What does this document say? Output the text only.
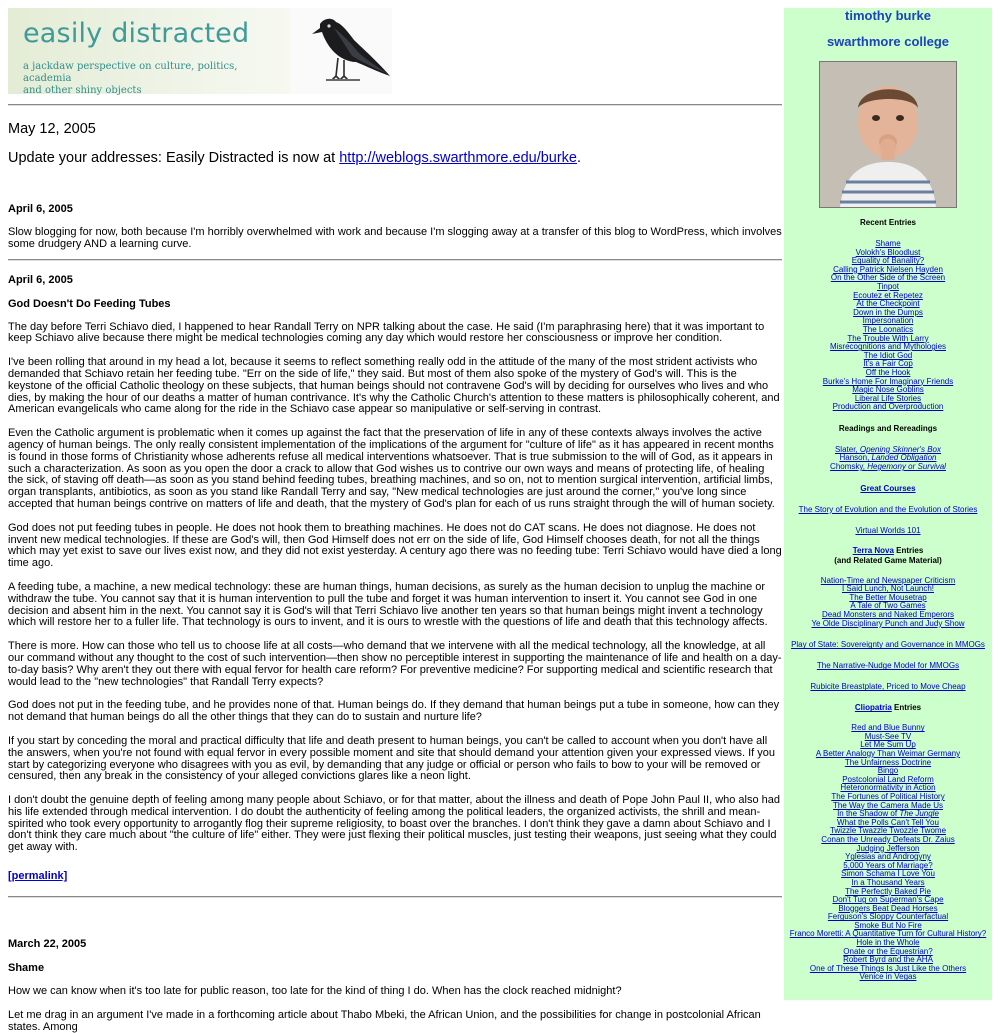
easily distracted

a jackdaw perspective on culture, politics, academia
and other shiny objects

May 12, 2005
Update your addresses: Easily Distracted is now at http://weblogs.swarthmore.edu/burke.
April 6, 2005

Slow blogging for now, both because I'm horribly overwhelmed with work and because I'm slogging away at a transfer of this blog to WordPress, which involves some drudgery AND a learning curve.

April 6, 2005
God Doesn't Do Feeding Tubes

The day before Terri Schiavo died, I happened to hear Randall Terry on NPR talking about the case. He said (I'm paraphrasing here) that it was important to keep Schiavo alive because there might be medical technologies coming any day which would restore her consciousness or improve her condition.

I've been rolling that around in my head a lot, because it seems to reflect something really odd in the attitude of the many of the most strident activists who demanded that Schiavo retain her feeding tube. "Err on the side of life," they said. But most of them also spoke of the mystery of God's will. This is the keystone of the official Catholic theology on these subjects, that human beings should not contravene God's will by deciding for ourselves who lives and who dies, by making the hour of our deaths a matter of human contrivance. It's why the Catholic Church's attention to these matters is philosophically coherent, and American evangelicals who came along for the ride in the Schiavo case appear so manipulative or self-serving in contrast.

Even the Catholic argument is problematic when it comes up against the fact that the preservation of life in any of these contexts always involves the active agency of human beings. The only really consistent implementation of the implications of the argument for "culture of life" as it has appeared in recent months is found in those forms of Christianity whose adherents refuse all medical interventions whatsoever. That is true submission to the will of God, as it appears in such a characterization. As soon as you open the door a crack to allow that God wishes us to contrive our own ways and means of protecting life, of healing the sick, of staving off death—as soon as you stand behind feeding tubes, breathing machines, and so on, not to mention surgical intervention, artificial limbs, organ transplants, antibiotics, as soon as you stand like Randall Terry and say, "New medical technologies are just around the corner," you've long since accepted that human beings contrive on matters of life and death, that the mystery of God's plan for each of us runs straight through the will of human society.

God does not put feeding tubes in people. He does not hook them to breathing machines. He does not do CAT scans. He does not diagnose. He does not invent new medical technologies. If these are God's will, then God Himself does not err on the side of life, God Himself chooses death, for not all the things which may yet exist to save our lives exist now, and they did not exist yesterday. A century ago there was no feeding tube: Terri Schiavo would have died a long time ago.

A feeding tube, a machine, a new medical technology: these are human things, human decisions, as surely as the human decision to unplug the machine or withdraw the tube. You cannot say that it is human intervention to pull the tube and forget it was human intervention to insert it. You cannot see God in one decision and absent him in the next. You cannot say it is God's will that Terri Schiavo live another ten years so that human beings might invent a technology which will restore her to a fuller life. That technology is ours to invent, and it is ours to wrestle with the questions of life and death that this technology affects.

There is more. How can those who tell us to choose life at all costs—who demand that we intervene with all the medical technology, all the knowledge, at all our command without any thought to the cost of such intervention—then show no perceptible interest in supporting the maintenance of life and health on a day-to-day basis? Why aren't they out there with equal fervor for health care reform? For preventive medicine? For supporting medical and scientific research that would lead to the "new technologies" that Randall Terry expects?

God does not put in the feeding tube, and he provides none of that. Human beings do. If they demand that human beings put a tube in someone, how can they not demand that human beings do all the other things that they can do to sustain and nurture life?

If you start by conceding the moral and practical difficulty that life and death present to human beings, you can't be called to account when you don't have all the answers, when you're not found with equal fervor in every possible moment and site that should demand your attention given your expressed views. If you start by categorizing everyone who disagrees with you as evil, by demanding that any judge or official or person who fails to bow to your will be removed or censured, then any break in the consistency of your alleged convictions glares like a neon light.

I don't doubt the genuine depth of feeling among many people about Schiavo, or for that matter, about the illness and death of Pope John Paul II, who also had his life extended through medical intervention. I do doubt the authenticity of feeling among the political leaders, the organized activists, the shrill and mean-spirited who took every opportunity to arrogantly flog their supreme religiosity, to boast over the branches. I don't think they gave a damn about Schiavo and I don't think they care much about "the culture of life" either. They were just flexing their political muscles, just testing their weapons, just seeing what they could get away with.

[permalink]
March 22, 2005
Shame

How we can know when it's too late for public reason, too late for the kind of thing I do. When has the clock reached midnight?

Let me drag in an argument I've made in a forthcoming article about Thabo Mbeki, the African Union, and the possibilities for change in postcolonial African states. Among

timothy burke
swarthmore college
Recent Entries
Shame
Volokh's Bloodlust
Equality of Banality?
Calling Patrick Nielsen Hayden
On the Other Side of the Screen
Tinpot
Ecoutez et Repetez
At the Checkpoint
Down in the Dumps
Impersonation
The Loonatics
The Trouble With Larry
Misrecognitions and Mythologies
The Idiot God
It's a Fair Cop
Off the Hook
Burke's Home For Imaginary Friends
Magic Nose Goblins
Liberal Life Stories
Production and Overproduction
Readings and Rereadings
Slater, Opening Skinner's Box
Hanson, Landed Obligation
Chomsky, Hegemony or Survival
Great Courses
The Story of Evolution and the Evolution of Stories
Virtual Worlds 101
Terra Nova Entries
(and Related Game Material)
Nation-Time and Newspaper Criticism
I Said Lunch, Not Launch!
The Better Mousetrap
A Tale of Two Games
Dead Monsters and Naked Emperors
Ye Olde Disciplinary Punch and Judy Show
Play of State: Sovereignty and Governance in MMOGs
The Narrative-Nudge Model for MMOGs
Rubicite Breastplate, Priced to Move Cheap
Cliopatria Entries
Red and Blue Bunny
Must-See TV
Let Me Sum Up
A Better Analogy Than Weimar Germany
The Unfairness Doctrine
Bingo
Postcolonial Land Reform
Heteronormativity in Action
The Fortunes of Political History
The Way the Camera Made Us
In the Shadow of The Jungle
What the Polls Can't Tell You
Twizzle Twazzle Twozzle Twome
Conan the Unready Defeats Dr. Zaius
Judging Jefferson
Yglesias and Androgyny
5,000 Years of Marriage?
Simon Schama I Love You
In a Thousand Years
The Perfectly Baked Pie
Don't Tug on Superman's Cape
Bloggers Beat Dead Horses
Ferguson's Sloppy Counterfactual
Smoke But No Fire
Franco Moretti: A Quantitative Turn for Cultural History?
Hole in the Whole
Onate or the Equestrian?
Robert Byrd and the AHA
One of These Things Is Just Like the Others
Venice in Vegas
